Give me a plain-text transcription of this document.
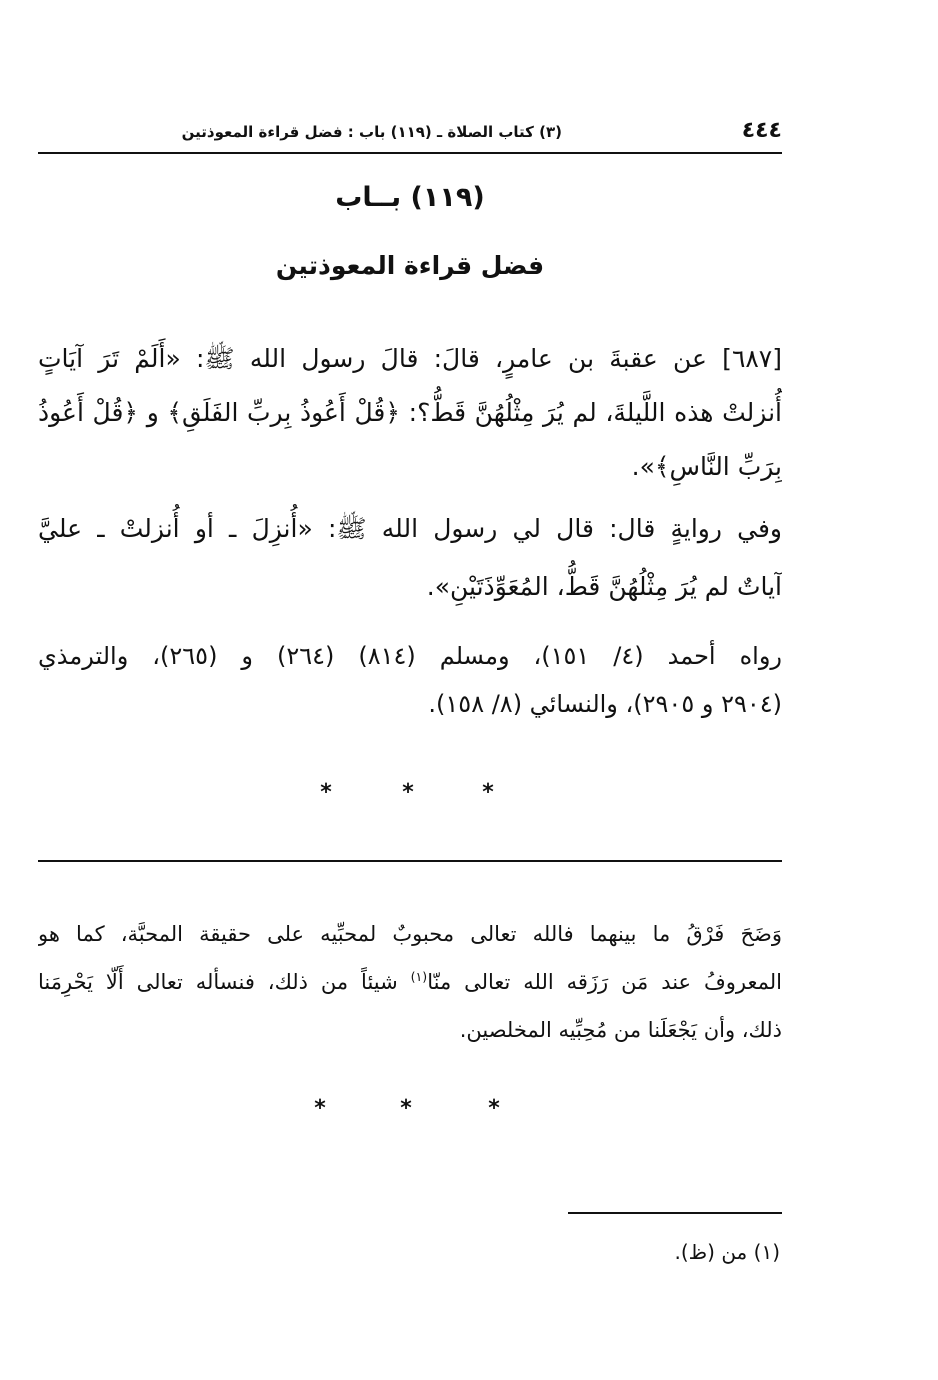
٤٤٤
(٣) كتاب الصلاة ـ (١١٩) باب : فضل قراءة المعوذتين
(١١٩) بــاب
فضل قراءة المعوذتين
[٦٨٧] عن عقبةَ بن عامرٍ، قالَ: قالَ رسول الله ﷺ: «أَلَمْ تَرَ آيَاتٍ
أُنزلتْ هذه اللَّيلةَ، لم يُرَ مِثْلُهُنَّ قَطُّ؟: ﴿قُلْ أَعُوذُ بِربِّ الفَلَقِ﴾ و ﴿قُلْ أَعُوذُ
بِرَبِّ النَّاسِ﴾».
وفي روايةٍ قال: قال لي رسول الله ﷺ: «أُنزِلَ ـ أو أُنزلتْ ـ عليَّ
آياتٌ لم يُرَ مِثْلُهُنَّ قَطُّ، المُعَوِّذَتَيْنِ».
رواه أحمد (٤/ ١٥١)، ومسلم (٨١٤) (٢٦٤) و (٢٦٥)، والترمذي
(٢٩٠٤ و ٢٩٠٥)، والنسائي (٨/ ١٥٨).
*	*	*
وَضَحَ فَرْقُ ما بينهما فالله تعالى محبوبٌ لمحبِّيه على حقيقة المحبَّة، كما هو
المعروفُ عند مَن رَزَقه الله تعالى منّا$^{(١)}$ شيئاً من ذلك، فنسأله تعالى أَلّا يَحْرِمَنا
ذلك، وأن يَجْعَلَنا من مُحِبِّيه المخلصين.
*	*	*
(١) من (ظ).
